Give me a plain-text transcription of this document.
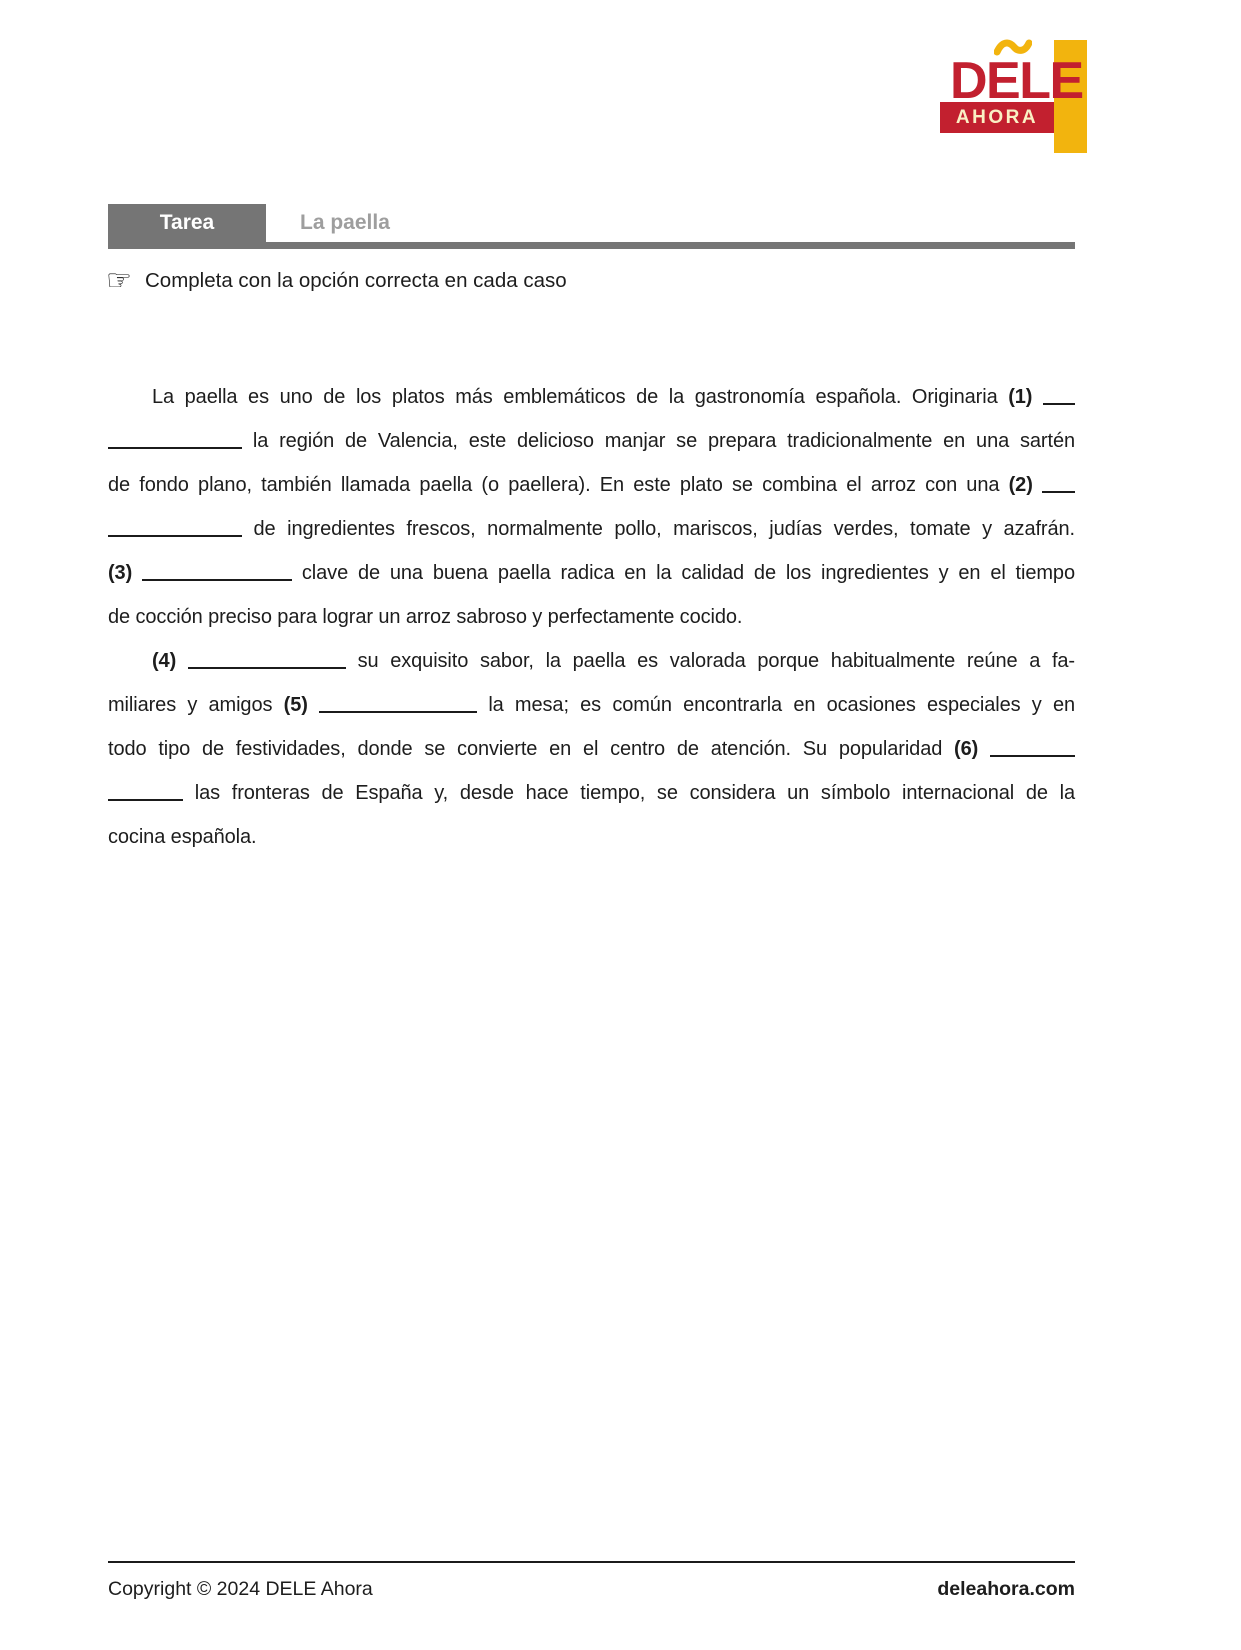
AHORA
DELE
Tarea	La paella
☞ Completa con la opción correcta en cada caso
La paella es uno de los platos más emblemáticos de la gastronomía española. Originaria (1)
la región de Valencia, este delicioso manjar se prepara tradicionalmente en una sartén
de fondo plano, también llamada paella (o paellera). En este plato se combina el arroz con una (2)
de ingredientes frescos, normalmente pollo, mariscos, judías verdes, tomate y azafrán.
(3)	clave de una buena paella radica en la calidad de los ingredientes y en el tiempo
de cocción preciso para lograr un arroz sabroso y perfectamente cocido.
(4)	su exquisito sabor, la paella es valorada porque habitualmente reúne a fa-
miliares y amigos (5)	la mesa; es común encontrarla en ocasiones especiales y en
todo tipo de festividades, donde se convierte en el centro de atención. Su popularidad (6)
las fronteras de España y, desde hace tiempo, se considera un símbolo internacional de la
cocina española.
Copyright © 2024 DELE Ahora	deleahora.com
